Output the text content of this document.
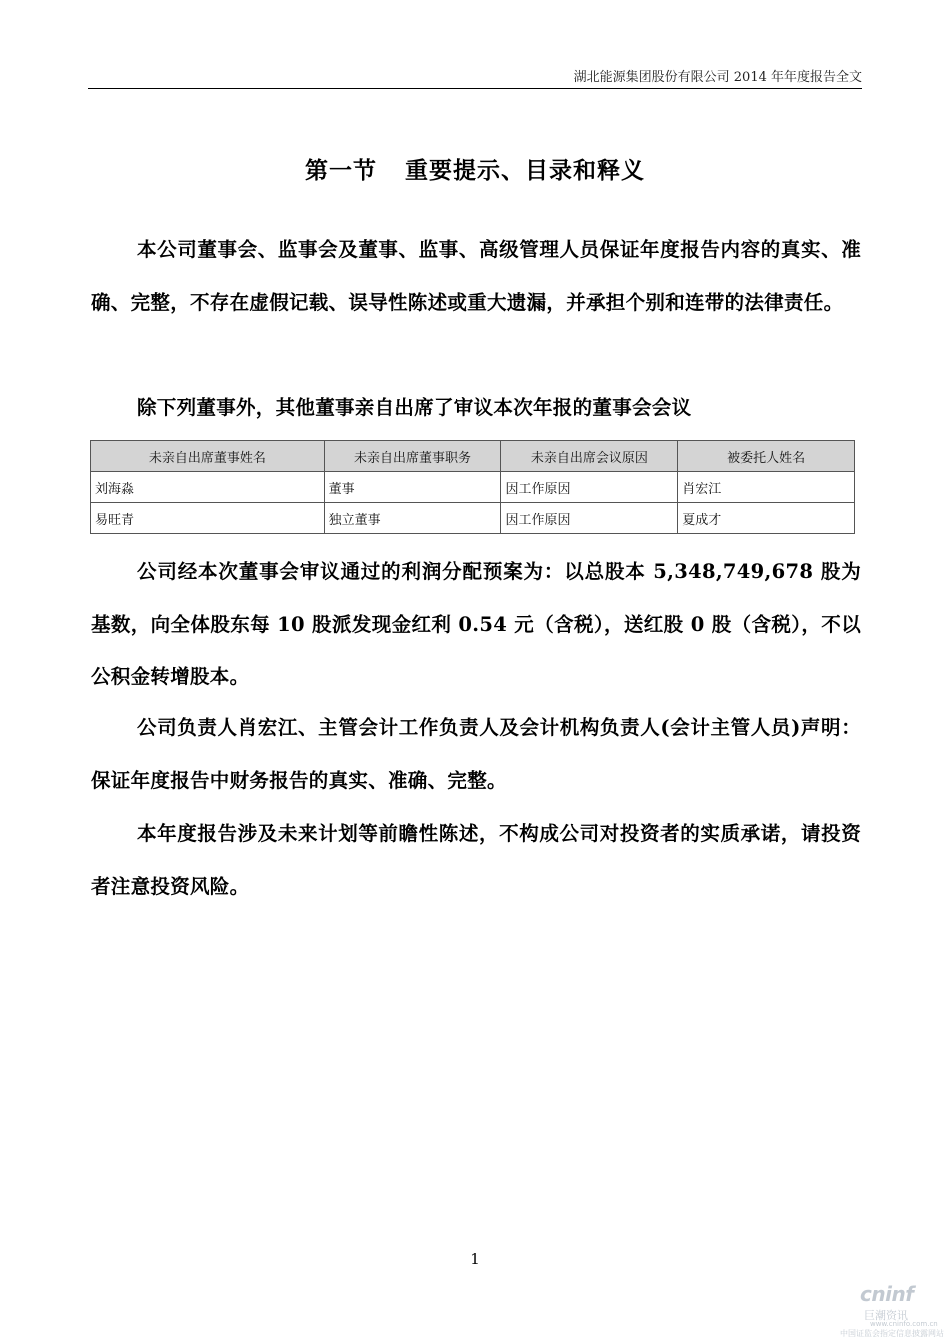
湖北能源集团股份有限公司 2014 年年度报告全文
第一节 重要提示、目录和释义
本公司董事会、监事会及董事、监事、高级管理人员保证年度报告内容的真实、准确、完整，不存在虚假记载、误导性陈述或重大遗漏，并承担个别和连带的法律责任。
除下列董事外，其他董事亲自出席了审议本次年报的董事会会议
未亲自出席董事姓名	未亲自出席董事职务	未亲自出席会议原因	被委托人姓名
刘海淼	董事	因工作原因	肖宏江
易旺青	独立董事	因工作原因	夏成才
公司经本次董事会审议通过的利润分配预案为：以总股本 5,348,749,678 股为基数，向全体股东每 10 股派发现金红利 0.54 元（含税），送红股 0 股（含税），不以公积金转增股本。
公司负责人肖宏江、主管会计工作负责人及会计机构负责人(会计主管人员)声明：保证年度报告中财务报告的真实、准确、完整。
本年度报告涉及未来计划等前瞻性陈述，不构成公司对投资者的实质承诺，请投资者注意投资风险。
1
cninf
巨潮资讯
www.cninfo.com.cn
中国证监会指定信息披露网站
